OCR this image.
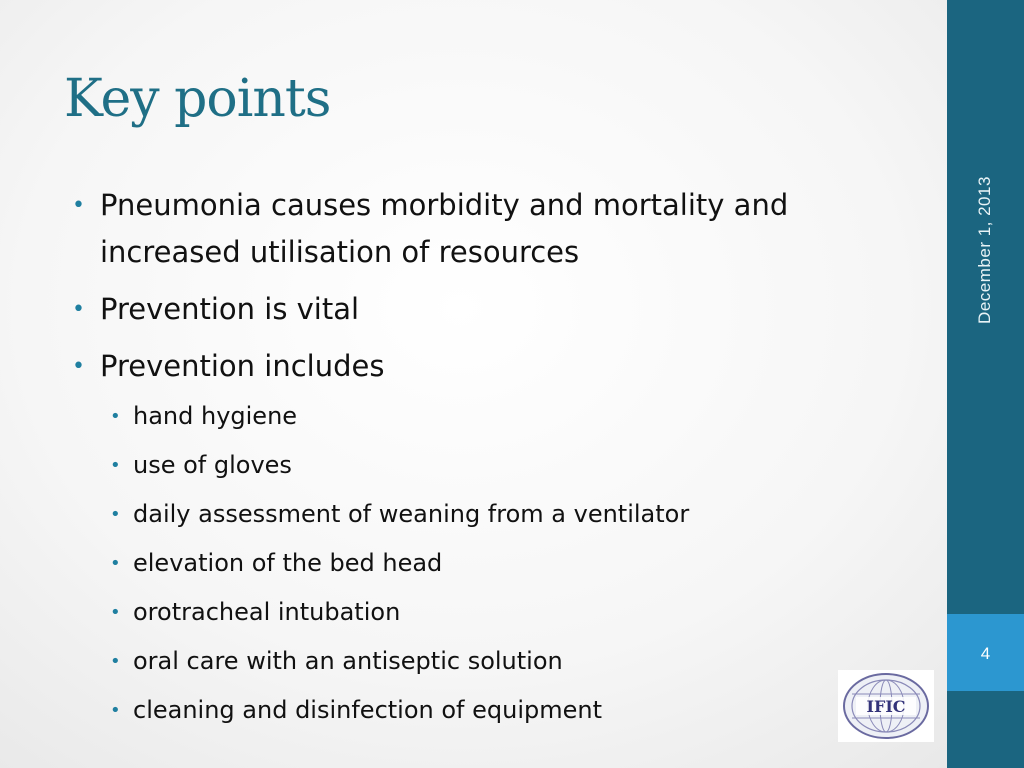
Key points
• Pneumonia causes morbidity and mortality and increased utilisation of resources
• Prevention is vital
• Prevention includes
• hand hygiene
• use of gloves
• daily assessment of weaning from a ventilator
• elevation of the bed head
• orotracheal intubation
• oral care with an antiseptic solution
• cleaning and disinfection of equipment
December 1, 2013
4
IFIC
